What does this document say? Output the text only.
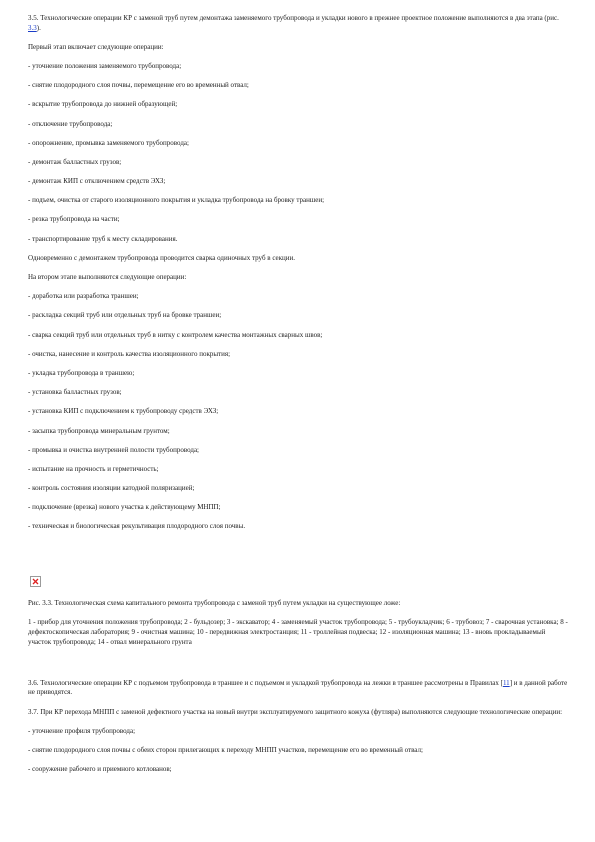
3.5. Технологические операции КР с заменой труб путем демонтажа заменяемого трубопровода и укладки нового в прежнее проектное положение выполняются в два этапа (рис. 3.3).

Первый этап включает следующие операции:

- уточнение положения заменяемого трубопровода;

- снятие плодородного слоя почвы, перемещение его во временный отвал;

- вскрытие трубопровода до нижней образующей;

- отключение трубопровода;

- опорожнение, промывка заменяемого трубопровода;

- демонтаж балластных грузов;

- демонтаж КИП с отключением средств ЭХЗ;

- подъем, очистка от старого изоляционного покрытия и укладка трубопровода на бровку траншеи;

- резка трубопровода на части;

- транспортирование труб к месту складирования.

Одновременно с демонтажем трубопровода проводится сварка одиночных труб в секции.

На втором этапе выполняются следующие операции:

- доработка или разработка траншеи;

- раскладка секций труб или отдельных труб на бровке траншеи;

- сварка секций труб или отдельных труб в нитку с контролем качества монтажных сварных швов;

- очистка, нанесение и контроль качества изоляционного покрытия;

- укладка трубопровода в траншею;

- установка балластных грузов;

- установка КИП с подключением к трубопроводу средств ЭХЗ;

- засыпка трубопровода минеральным грунтом;

- промывка и очистка внутренней полости трубопровода;

- испытание на прочность и герметичность;

- контроль состояния изоляции катодной поляризацией;

- подключение (врезка) нового участка к действующему МНПП;

- техническая и биологическая рекультивация плодородного слоя почвы.

Рис. 3.3. Технологическая схема капитального ремонта трубопровода с заменой труб путем укладки на существующее ложе:

1 - прибор для уточнения положения трубопровода; 2 - бульдозер; 3 - экскаватор; 4 - заменяемый участок трубопровода; 5 - трубоукладчик; 6 - трубовоз; 7 - сварочная установка; 8 - дефектоскопическая лаборатория; 9 - очистная машина; 10 - передвижная электростанция; 11 - троллейная подвеска; 12 - изоляционная машина; 13 - вновь прокладываемый участок трубопровода; 14 - отвал минерального грунта

3.6. Технологические операции КР с подъемом трубопровода в траншее и с подъемом и укладкой трубопровода на лежки в траншее рассмотрены в Правилах [11] и в данной работе не приводятся.

3.7. При КР перехода МНПП с заменой дефектного участка на новый внутри эксплуатируемого защитного кожуха (футляра) выполняются следующие технологические операции:

- уточнение профиля трубопровода;

- снятие плодородного слоя почвы с обеих сторон прилегающих к переходу МНПП участков, перемещение его во временный отвал;

- сооружение рабочего и приемного котлованов;
